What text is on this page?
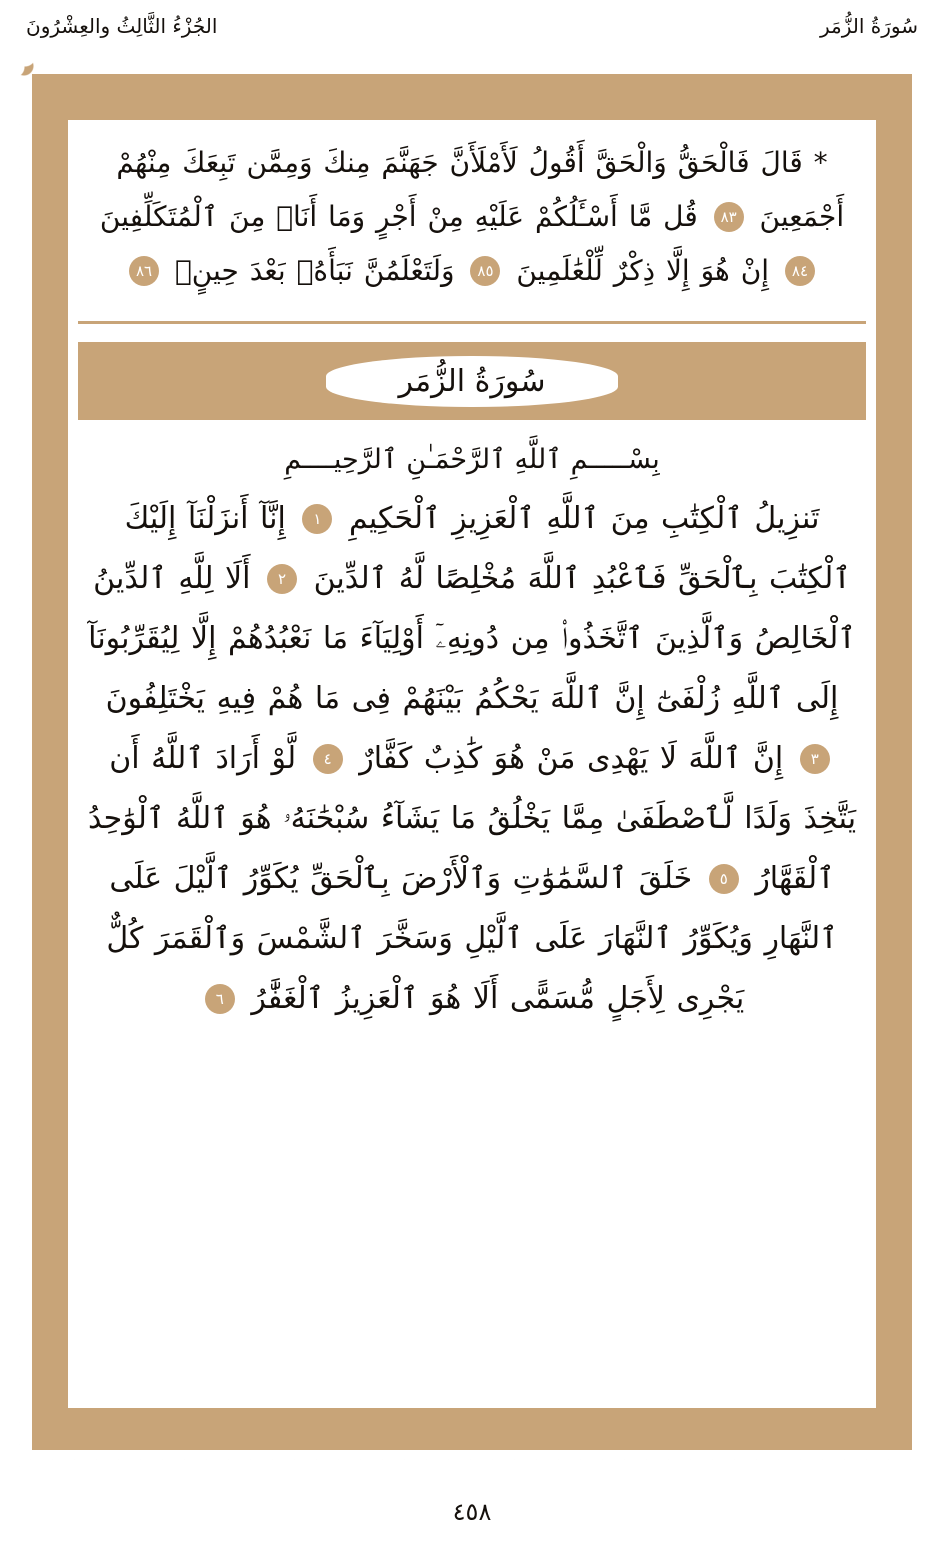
سُورَةُ الزُّمَر
الجُزْءُ الثَّالِثُ والعِشْرُونَ
* قَالَ فَالْحَقُّ وَالْحَقَّ أَقُولُ لَأَمْلَأَنَّ جَهَنَّمَ مِنكَ وَمِمَّن تَبِعَكَ مِنْهُمْ أَجْمَعِينَ ٨٣ قُل مَّا أَسْـَٔلُكُمْ عَلَيْهِ مِنْ أَجْرٍ وَمَا أَنَا۠ مِنَ ٱلْمُتَكَلِّفِينَ ٨٤ إِنْ هُوَ إِلَّا ذِكْرٌ لِّلْعَٰلَمِينَ ٨٥ وَلَتَعْلَمُنَّ نَبَأَهُۥ بَعْدَ حِينٍۭ ٨٦
سُورَةُ الزُّمَر
بِسْـــــمِ ٱللَّهِ ٱلرَّحْمَـٰنِ ٱلرَّحِيــــمِ
تَنزِيلُ ٱلْكِتَٰبِ مِنَ ٱللَّهِ ٱلْعَزِيزِ ٱلْحَكِيمِ ١ إِنَّآ أَنزَلْنَآ إِلَيْكَ ٱلْكِتَٰبَ بِٱلْحَقِّ فَٱعْبُدِ ٱللَّهَ مُخْلِصًا لَّهُ ٱلدِّينَ ٢ أَلَا لِلَّهِ ٱلدِّينُ ٱلْخَالِصُ وَٱلَّذِينَ ٱتَّخَذُوا۟ مِن دُونِهِۦٓ أَوْلِيَآءَ مَا نَعْبُدُهُمْ إِلَّا لِيُقَرِّبُونَآ إِلَى ٱللَّهِ زُلْفَىٰٓ إِنَّ ٱللَّهَ يَحْكُمُ بَيْنَهُمْ فِى مَا هُمْ فِيهِ يَخْتَلِفُونَ ٣ إِنَّ ٱللَّهَ لَا يَهْدِى مَنْ هُوَ كَٰذِبٌ كَفَّارٌ ٤ لَّوْ أَرَادَ ٱللَّهُ أَن يَتَّخِذَ وَلَدًا لَّٱصْطَفَىٰ مِمَّا يَخْلُقُ مَا يَشَآءُ سُبْحَٰنَهُۥ هُوَ ٱللَّهُ ٱلْوَٰحِدُ ٱلْقَهَّارُ ٥ خَلَقَ ٱلسَّمَٰوَٰتِ وَٱلْأَرْضَ بِٱلْحَقِّ يُكَوِّرُ ٱلَّيْلَ عَلَى ٱلنَّهَارِ وَيُكَوِّرُ ٱلنَّهَارَ عَلَى ٱلَّيْلِ وَسَخَّرَ ٱلشَّمْسَ وَٱلْقَمَرَ كُلٌّ يَجْرِى لِأَجَلٍ مُّسَمًّى أَلَا هُوَ ٱلْعَزِيزُ ٱلْغَفَّٰرُ ٦
٤٥٨
